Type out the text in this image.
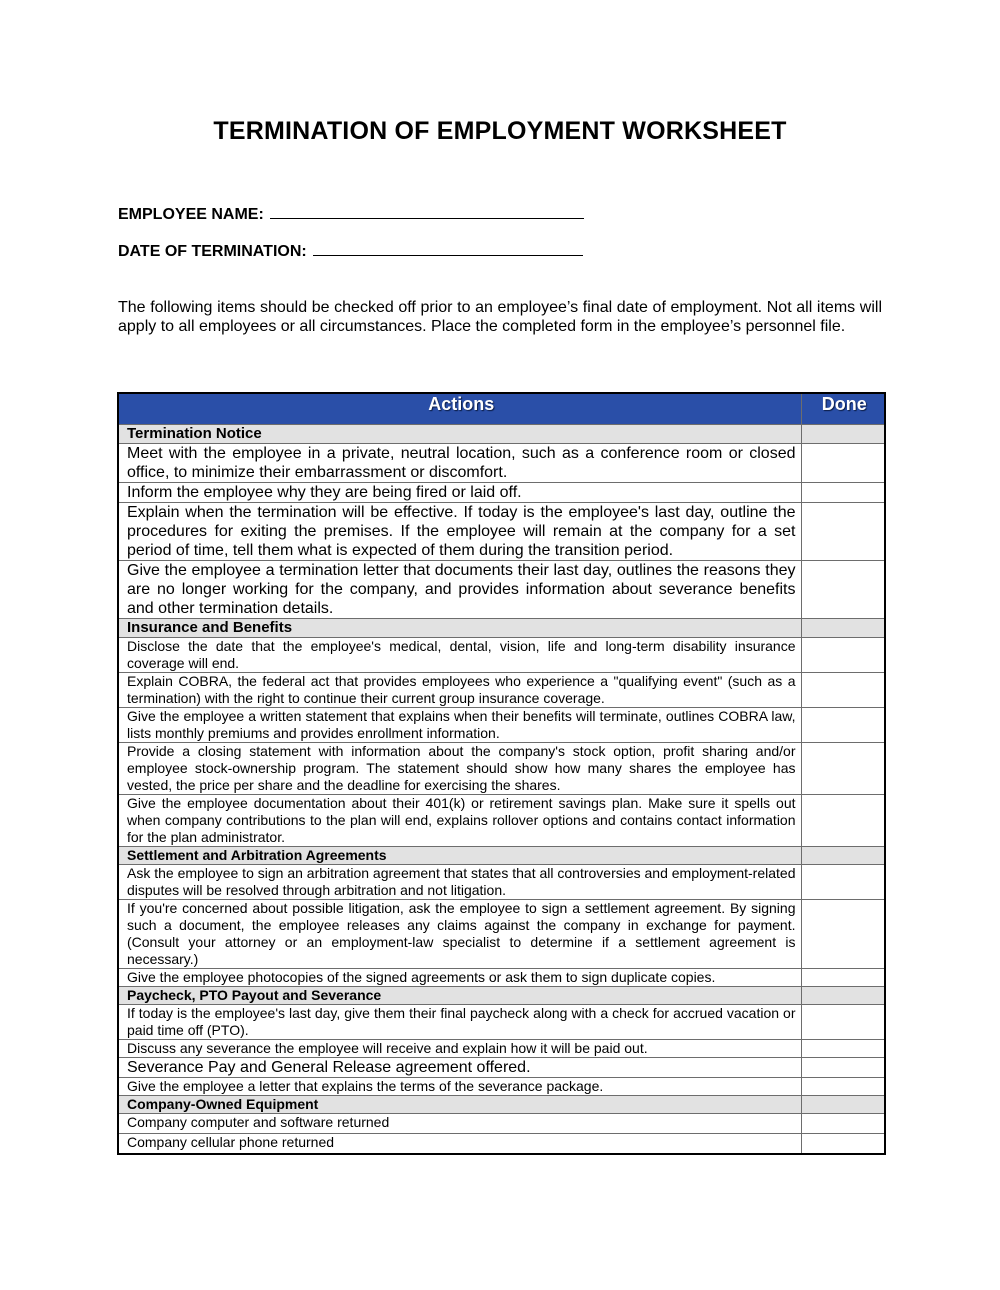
TERMINATION OF EMPLOYMENT WORKSHEET
EMPLOYEE NAME:
DATE OF TERMINATION:
The following items should be checked off prior to an employee’s final date of employment. Not all items will apply to all employees or all circumstances. Place the completed form in the employee’s personnel file.
Actions	Done
Termination Notice	
Meet with the employee in a private, neutral location, such as a conference room or closed office, to minimize their embarrassment or discomfort.	
Inform the employee why they are being fired or laid off.	
Explain when the termination will be effective. If today is the employee's last day, outline the procedures for exiting the premises. If the employee will remain at the company for a set period of time, tell them what is expected of them during the transition period.	
Give the employee a termination letter that documents their last day, outlines the reasons they are no longer working for the company, and provides information about severance benefits and other termination details.	
Insurance and Benefits	
Disclose the date that the employee's medical, dental, vision, life and long-term disability insurance coverage will end.	
Explain COBRA, the federal act that provides employees who experience a "qualifying event" (such as a termination) with the right to continue their current group insurance coverage.	
Give the employee a written statement that explains when their benefits will terminate, outlines COBRA law, lists monthly premiums and provides enrollment information.	
Provide a closing statement with information about the company's stock option, profit sharing and/or employee stock-ownership program. The statement should show how many shares the employee has vested, the price per share and the deadline for exercising the shares.	
Give the employee documentation about their 401(k) or retirement savings plan. Make sure it spells out when company contributions to the plan will end, explains rollover options and contains contact information for the plan administrator.	
Settlement and Arbitration Agreements	
Ask the employee to sign an arbitration agreement that states that all controversies and employment-related disputes will be resolved through arbitration and not litigation.	
If you're concerned about possible litigation, ask the employee to sign a settlement agreement. By signing such a document, the employee releases any claims against the company in exchange for payment. (Consult your attorney or an employment-law specialist to determine if a settlement agreement is necessary.)	
Give the employee photocopies of the signed agreements or ask them to sign duplicate copies.	
Paycheck, PTO Payout and Severance	
If today is the employee's last day, give them their final paycheck along with a check for accrued vacation or paid time off (PTO).	
Discuss any severance the employee will receive and explain how it will be paid out.	
Severance Pay and General Release agreement offered.	
Give the employee a letter that explains the terms of the severance package.	
Company-Owned Equipment	
Company computer and software returned	
Company cellular phone returned	
